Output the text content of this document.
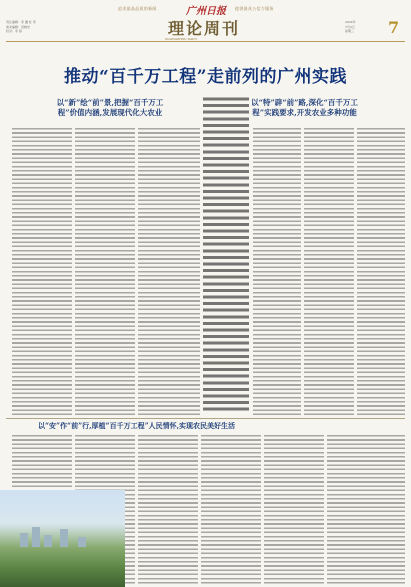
追求最高品质的新闻	提供最具公信力服务
广州日报
理论周刊
责任编辑：李 鑫 杜 菲
美术编辑：吴晓光
校对：李 锋
2024年
7月3日
星期三 7
GUANGZHOU DAILY
推动“百千万工程”走前列的广州实践
以“新”绘“前”景,把握“百千万工
程”价值内涵,发展现代化大农业
以“特”辟“前”路,深化“百千万工
程”实践要求,开发农业多种功能
以“安”作“前”行,厚植“百千万工程”人民情怀,实现农民美好生活
